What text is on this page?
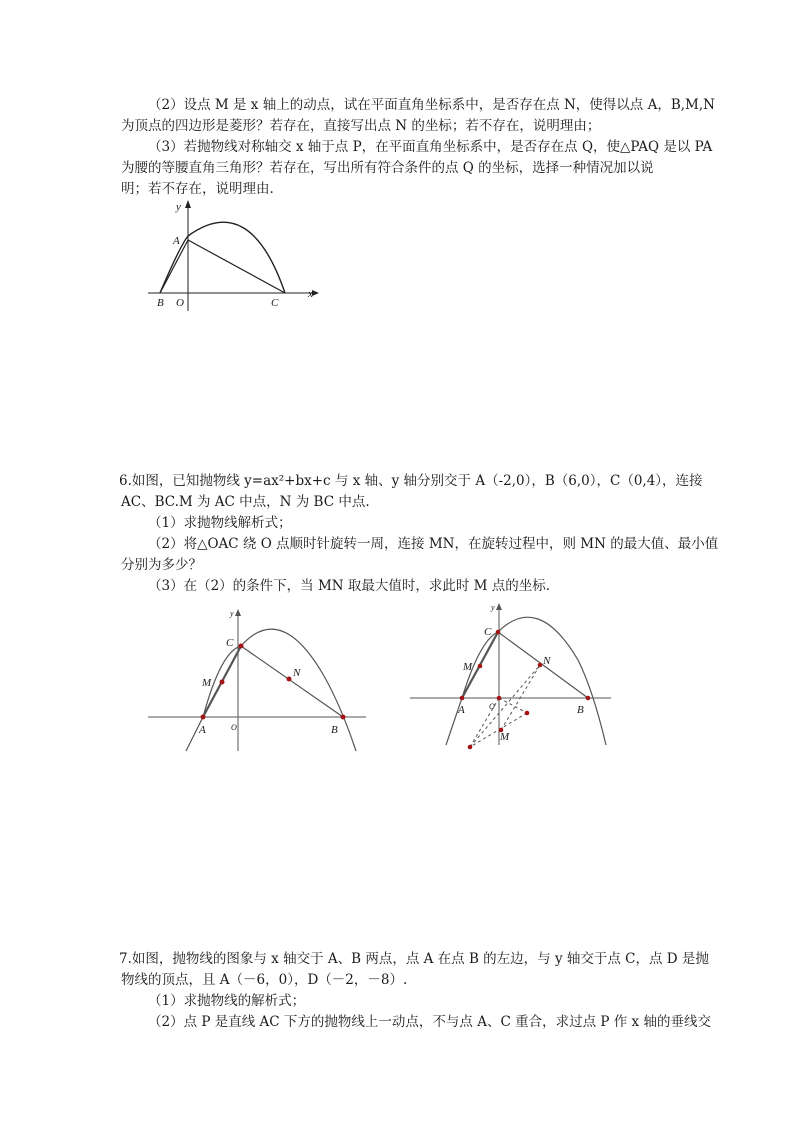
（2）设点 M 是 x 轴上的动点，试在平面直角坐标系中，是否存在点 N，使得以点 A，B,M,N
为顶点的四边形是菱形？若存在，直接写出点 N 的坐标；若不存在，说明理由；
（3）若抛物线对称轴交 x 轴于点 P，在平面直角坐标系中，是否存在点 Q，使△PAQ 是以 PA
为腰的等腰直角三角形？若存在，写出所有符合条件的点 Q 的坐标，选择一种情况加以说
明；若不存在，说明理由.
x
y
A
B O	C
6.如图，已知抛物线 y=ax²+bx+c 与 x 轴、y 轴分别交于 A（-2,0），B（6,0），C（0,4），连接
AC、BC.M 为 AC 中点，N 为 BC 中点.
（1）求抛物线解析式；
（2）将△OAC 绕 O 点顺时针旋转一周，连接 MN，在旋转过程中，则 MN 的最大值、最小值
分别为多少？
（3）在（2）的条件下，当 MN 取最大值时，求此时 M 点的坐标.
y
C
M
N
A	O	B
y
C
M	N
A	O	B
M
7.如图，抛物线的图象与 x 轴交于 A、B 两点，点 A 在点 B 的左边，与 y 轴交于点 C，点 D 是抛
物线的顶点，且 A（－6，0），D（－2，－8）.
（1）求抛物线的解析式；
（2）点 P 是直线 AC 下方的抛物线上一动点，不与点 A、C 重合，求过点 P 作 x 轴的垂线交
